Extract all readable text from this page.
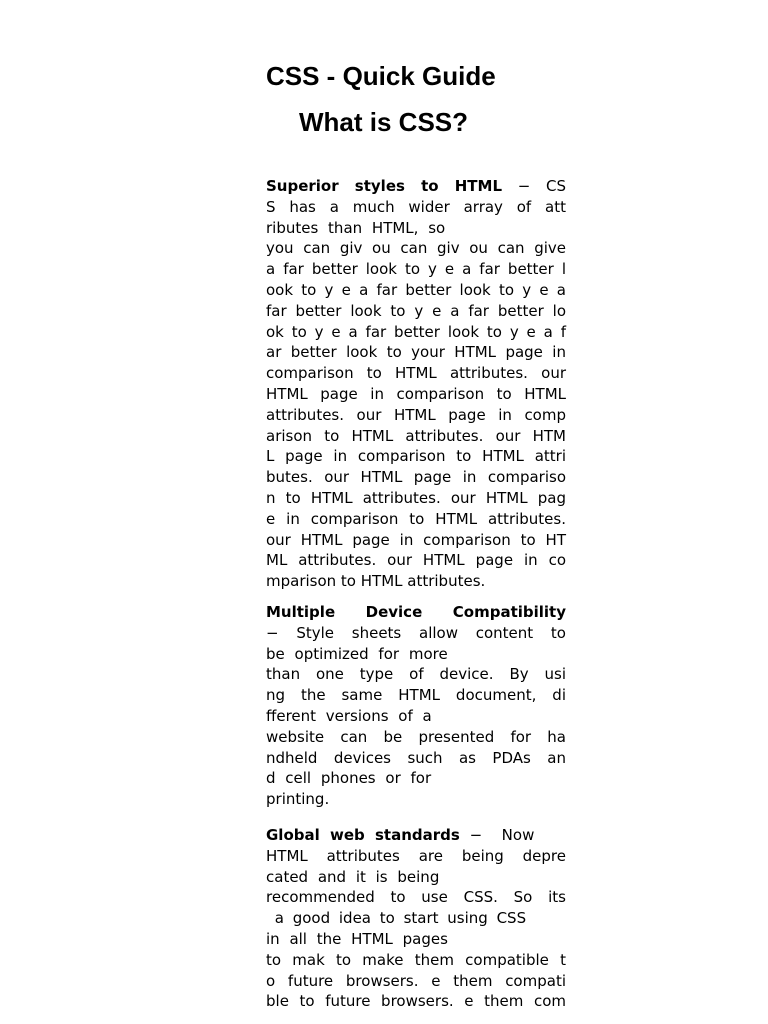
CSS - Quick Guide
What is CSS?
Superior styles to HTML − CS
S has a much wider array of att
ributes than HTML, so
you can giv ou can giv ou can give
a far better look to y e a far better l
ook to y e a far better look to y e a
far better look to y e a far better lo
ok to y e a far better look to y e a f
ar better look to your HTML page in
comparison to HTML attributes. our
HTML page in comparison to HTML
attributes. our HTML page in comp
arison to HTML attributes. our HTM
L page in comparison to HTML attri
butes. our HTML page in compariso
n to HTML attributes. our HTML pag
e in comparison to HTML attributes.
our HTML page in comparison to HT
ML attributes. our HTML page in co
mparison to HTML attributes.
Multiple Device Compatibility
− Style sheets allow content to
be optimized for more
than one type of device. By usi
ng the same HTML document, di
fferent versions of a
website can be presented for ha
ndheld devices such as PDAs an
d cell phones or for
printing.
Global web standards −  Now
HTML attributes are being depre
cated and it is being
recommended to use CSS. So its
a good idea to start using CSS
in all the HTML pages
to mak to make them compatible t
o future browsers. e them compati
ble to future browsers. e them com
